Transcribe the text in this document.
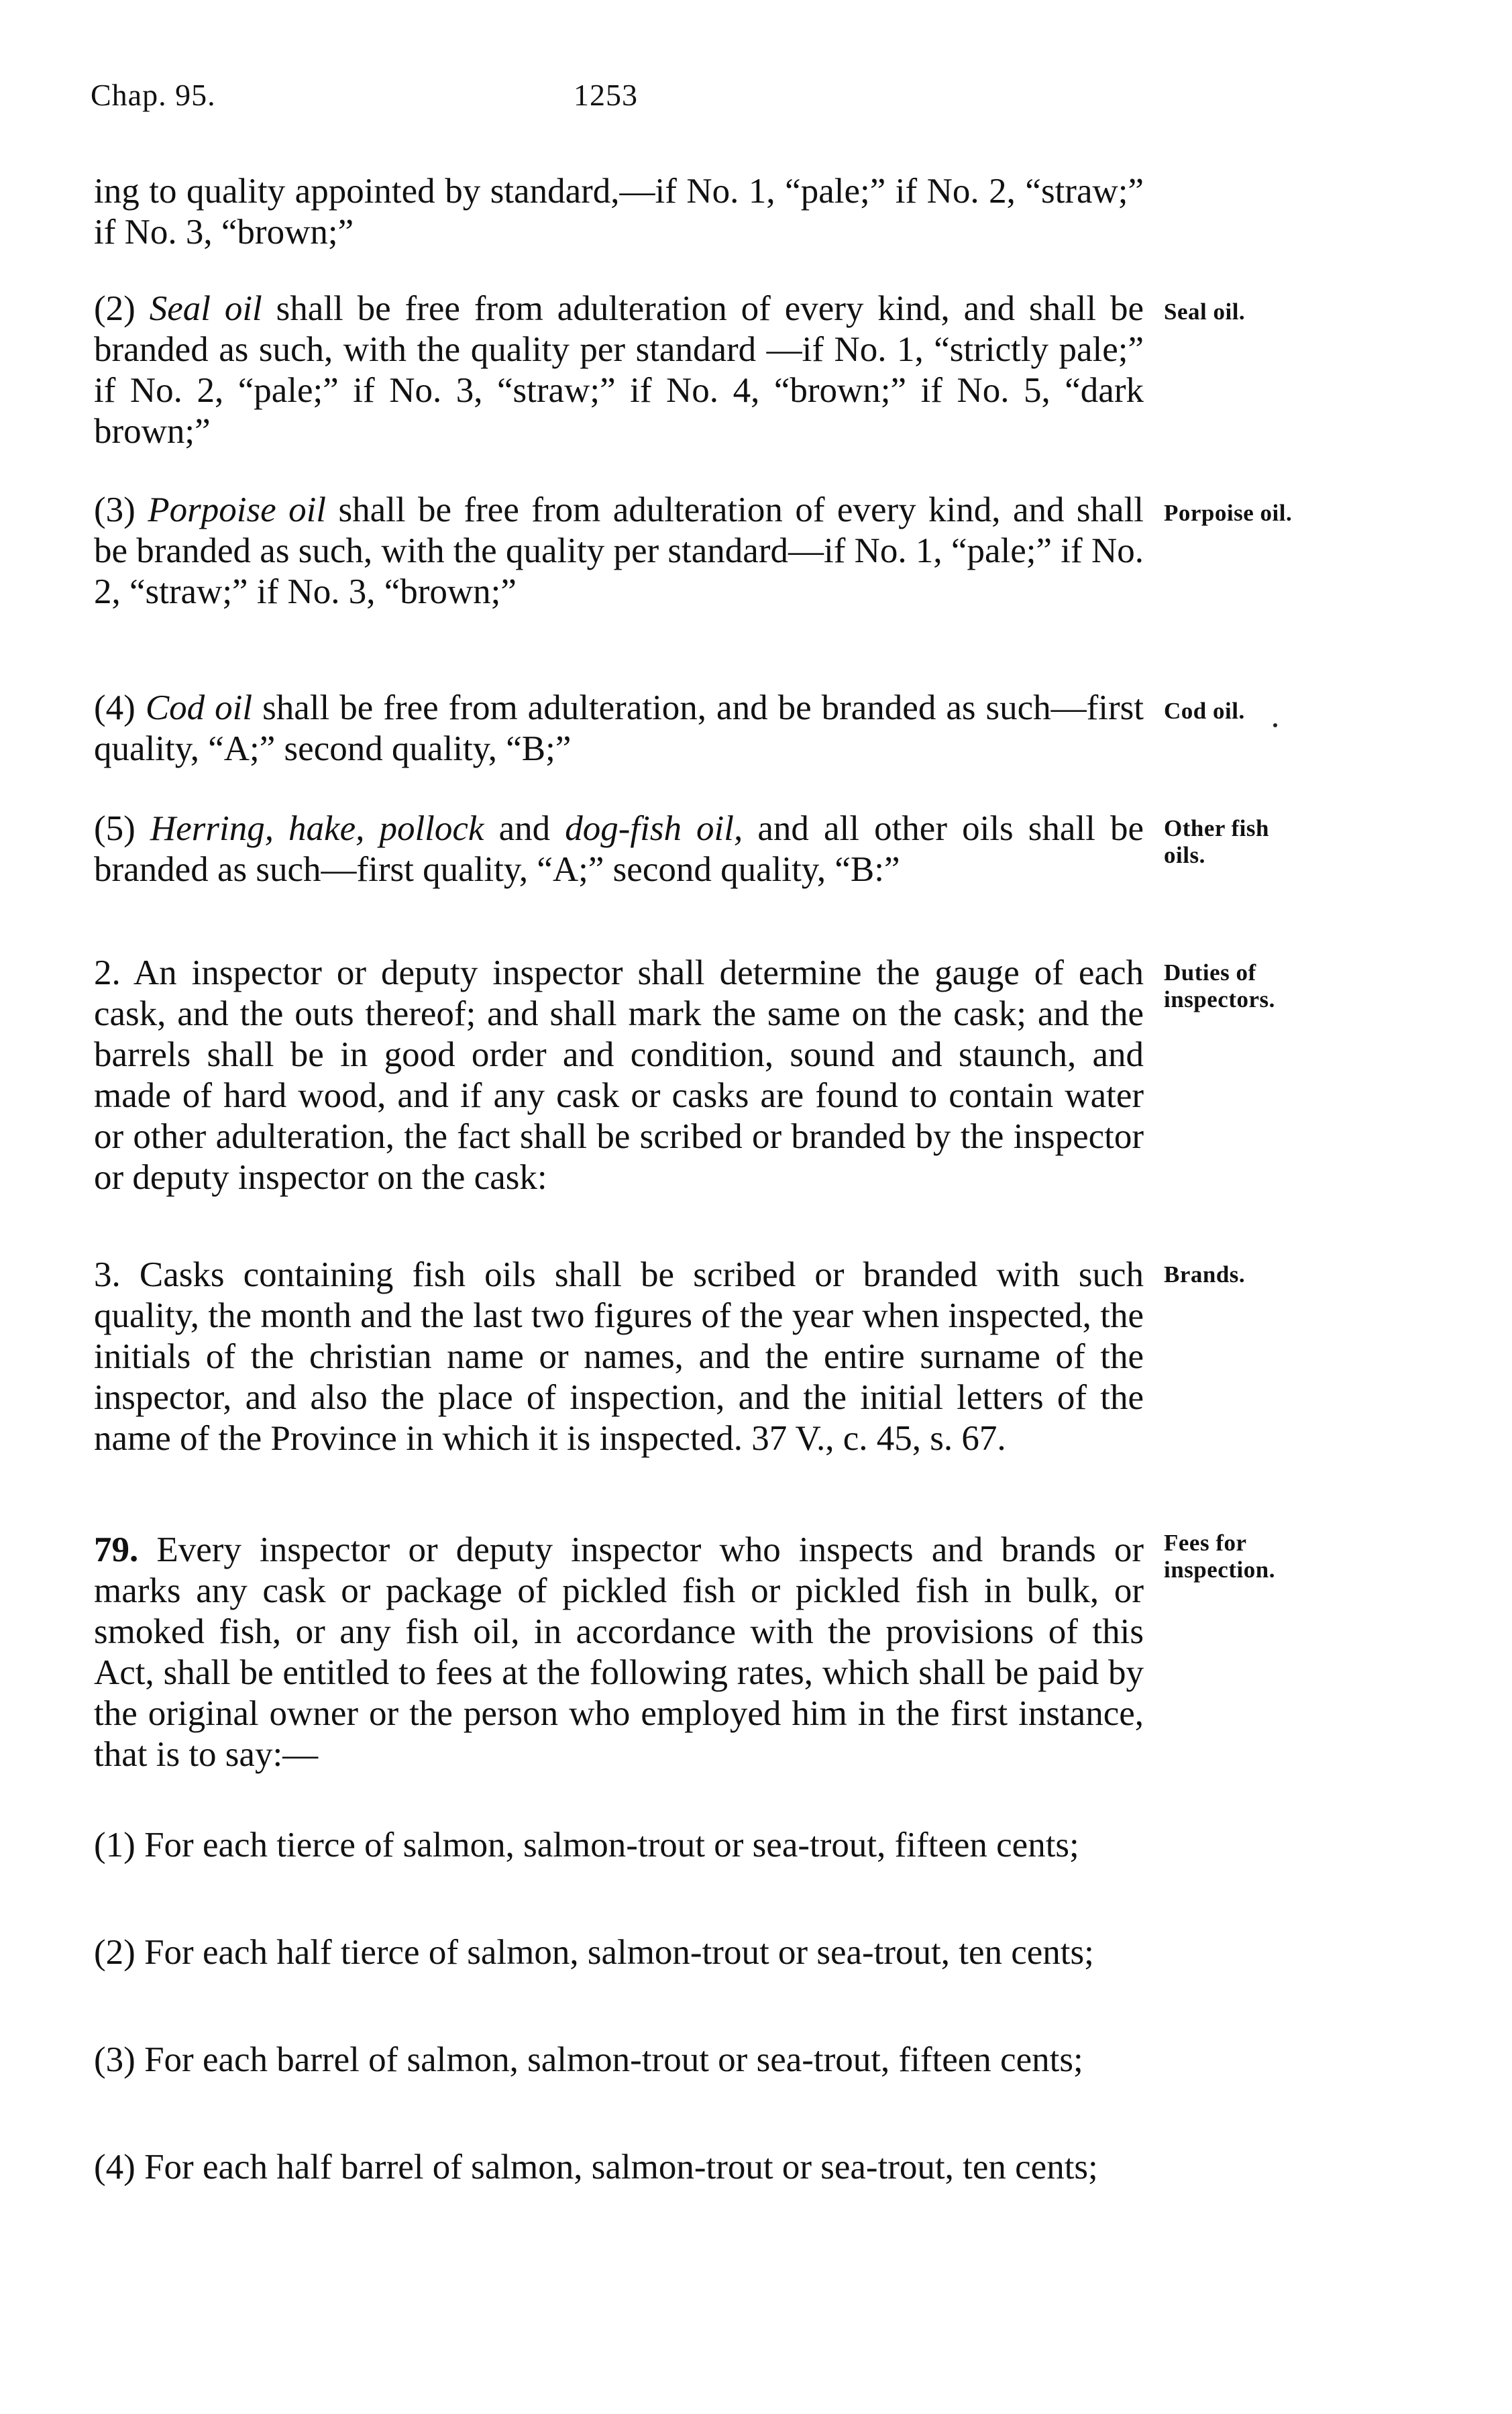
Chap. 95.	1253

ing to quality appointed by standard,—if No. 1, “pale;” if No. 2, “straw;” if No. 3, “brown;”

(2) Seal oil shall be free from adulteration of every kind, and shall be branded as such, with the quality per standard —if No. 1, “strictly pale;” if No. 2, “pale;” if No. 3, “straw;” if No. 4, “brown;” if No. 5, “dark brown;”

Seal oil.

(3) Porpoise oil shall be free from adulteration of every kind, and shall be branded as such, with the quality per standard—if No. 1, “pale;” if No. 2, “straw;” if No. 3, “brown;”

Porpoise oil.

(4) Cod oil shall be free from adulteration, and be branded as such—first quality, “A;” second quality, “B;”

Cod oil.

(5) Herring, hake, pollock and dog-fish oil, and all other oils shall be branded as such—first quality, “A;” second quality, “B:”

Other fish oils.

2. An inspector or deputy inspector shall determine the gauge of each cask, and the outs thereof; and shall mark the same on the cask; and the barrels shall be in good order and condition, sound and staunch, and made of hard wood, and if any cask or casks are found to contain water or other adulteration, the fact shall be scribed or branded by the inspector or deputy inspector on the cask:

Duties of inspectors.

3. Casks containing fish oils shall be scribed or branded with such quality, the month and the last two figures of the year when inspected, the initials of the christian name or names, and the entire surname of the inspector, and also the place of inspection, and the initial letters of the name of the Province in which it is inspected. 37 V., c. 45, s. 67.

Brands.

79. Every inspector or deputy inspector who inspects and brands or marks any cask or package of pickled fish or pickled fish in bulk, or smoked fish, or any fish oil, in accordance with the provisions of this Act, shall be entitled to fees at the following rates, which shall be paid by the original owner or the person who employed him in the first instance, that is to say:—

Fees for inspection.

(1) For each tierce of salmon, salmon-trout or sea-trout, fifteen cents;

(2) For each half tierce of salmon, salmon-trout or sea-trout, ten cents;

(3) For each barrel of salmon, salmon-trout or sea-trout, fifteen cents;

(4) For each half barrel of salmon, salmon-trout or sea-trout, ten cents;
